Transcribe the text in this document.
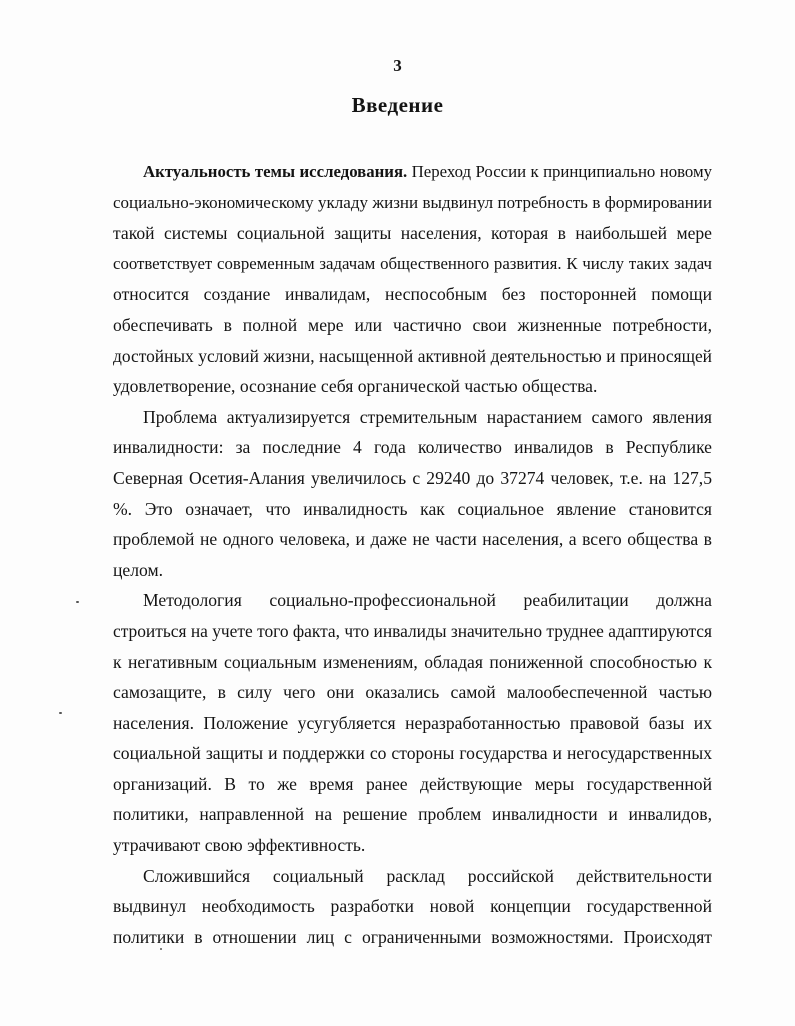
3
Введение
Актуальность темы исследования. Переход России к принципиально новому
социально-экономическому укладу жизни выдвинул потребность в формировании
такой системы социальной защиты населения, которая в наибольшей мере
соответствует современным задачам общественного развития. К числу таких задач
относится создание инвалидам, неспособным без посторонней помощи
обеспечивать в полной мере или частично свои жизненные потребности,
достойных условий жизни, насыщенной активной деятельностью и приносящей
удовлетворение, осознание себя органической частью общества.
Проблема актуализируется стремительным нарастанием самого явления
инвалидности: за последние 4 года количество инвалидов в Республике
Северная Осетия-Алания увеличилось с 29240 до 37274 человек, т.е. на 127,5
%. Это означает, что инвалидность как социальное явление становится
проблемой не одного человека, и даже не части населения, а всего общества в
целом.
Методология социально-профессиональной реабилитации должна
строиться на учете того факта, что инвалиды значительно труднее адаптируются
к негативным социальным изменениям, обладая пониженной способностью к
самозащите, в силу чего они оказались самой малообеспеченной частью
населения. Положение усугубляется неразработанностью правовой базы их
социальной защиты и поддержки со стороны государства и негосударственных
организаций. В то же время ранее действующие меры государственной
политики, направленной на решение проблем инвалидности и инвалидов,
утрачивают свою эффективность.
Сложившийся социальный расклад российской действительности
выдвинул необходимость разработки новой концепции государственной
политики в отношении лиц с ограниченными возможностями. Происходят
